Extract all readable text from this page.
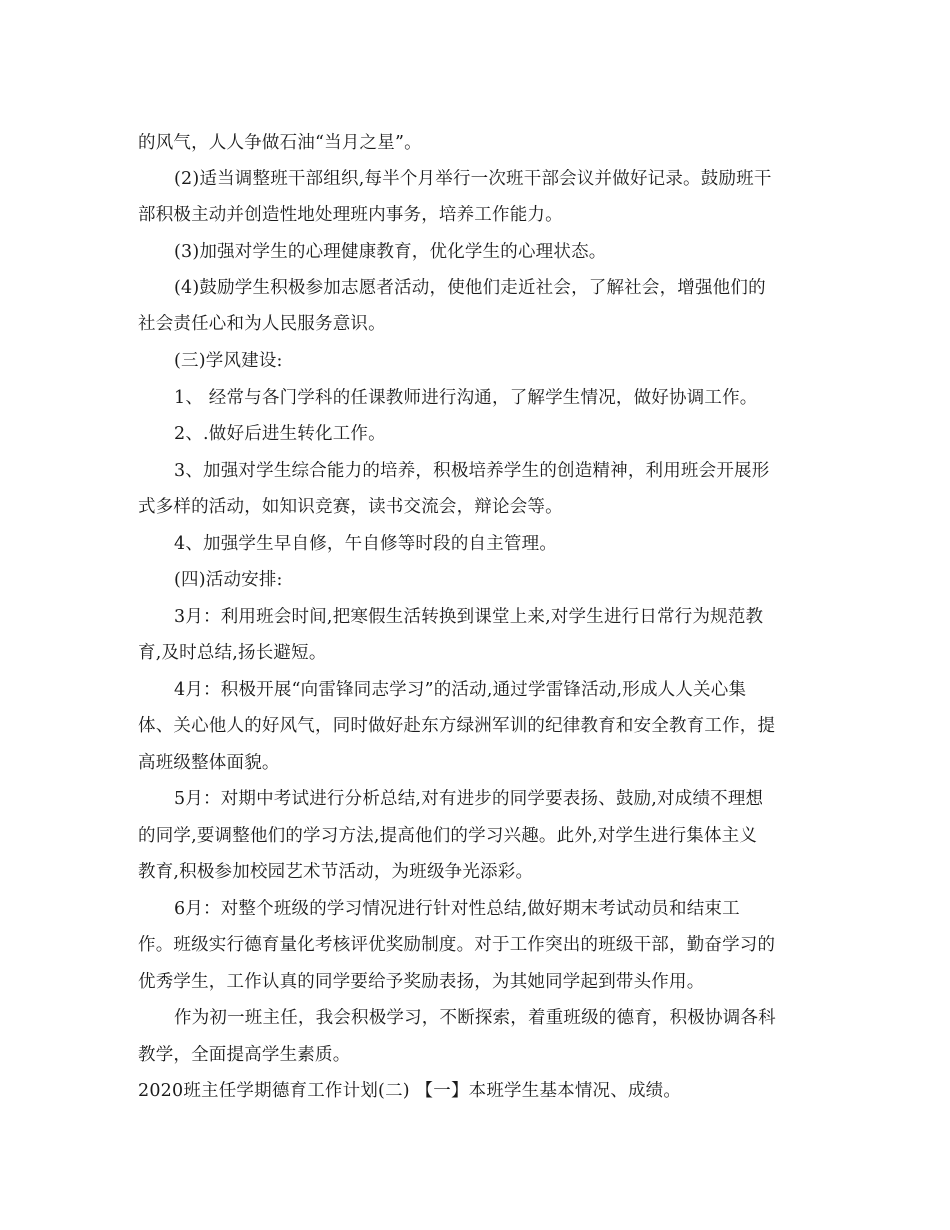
的风气，人人争做石油“当月之星”。
(2)适当调整班干部组织,每半个月举行一次班干部会议并做好记录。鼓励班干
部积极主动并创造性地处理班内事务，培养工作能力。
(3)加强对学生的心理健康教育，优化学生的心理状态。
(4)鼓励学生积极参加志愿者活动，使他们走近社会，了解社会，增强他们的
社会责任心和为人民服务意识。
(三)学风建设:
1、 经常与各门学科的任课教师进行沟通，了解学生情况，做好协调工作。
2、.做好后进生转化工作。
3、加强对学生综合能力的培养，积极培养学生的创造精神，利用班会开展形
式多样的活动，如知识竞赛，读书交流会，辩论会等。
4、加强学生早自修，午自修等时段的自主管理。
(四)活动安排:
3月：利用班会时间,把寒假生活转换到课堂上来,对学生进行日常行为规范教
育,及时总结,扬长避短。
4月：积极开展“向雷锋同志学习”的活动,通过学雷锋活动,形成人人关心集
体、关心他人的好风气，同时做好赴东方绿洲军训的纪律教育和安全教育工作，提
高班级整体面貌。
5月：对期中考试进行分析总结,对有进步的同学要表扬、鼓励,对成绩不理想
的同学,要调整他们的学习方法,提高他们的学习兴趣。此外,对学生进行集体主义
教育,积极参加校园艺术节活动，为班级争光添彩。
6月：对整个班级的学习情况进行针对性总结,做好期末考试动员和结束工
作。班级实行德育量化考核评优奖励制度。对于工作突出的班级干部，勤奋学习的
优秀学生，工作认真的同学要给予奖励表扬，为其她同学起到带头作用。
作为初一班主任，我会积极学习，不断探索，着重班级的德育，积极协调各科
教学，全面提高学生素质。
2020班主任学期德育工作计划(二) 【一】本班学生基本情况、成绩。
